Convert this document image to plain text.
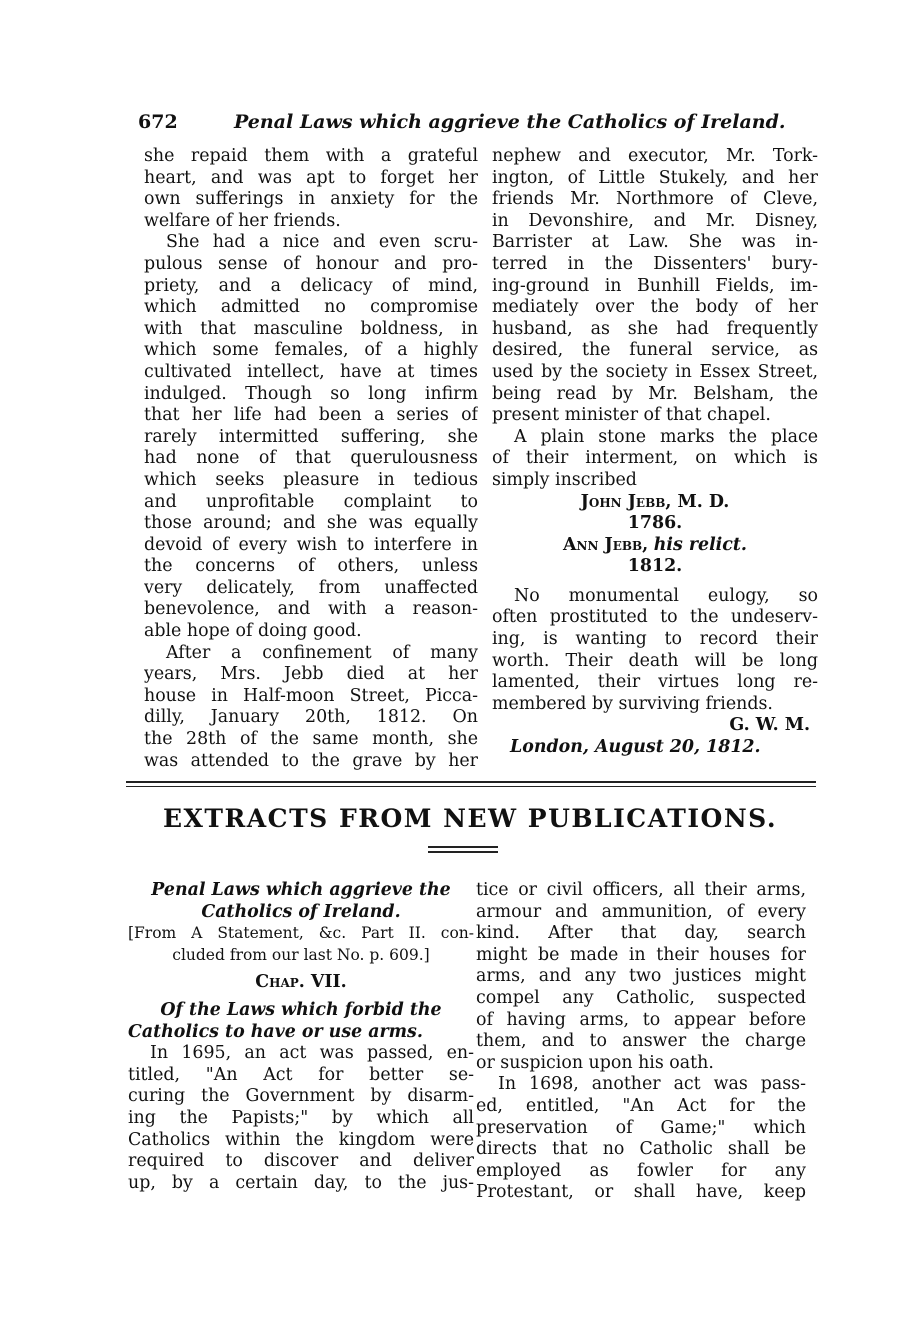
672	Penal Laws which aggrieve the Catholics of Ireland.
she repaid them with a grateful
heart, and was apt to forget her
own sufferings in anxiety for the
welfare of her friends.
She had a nice and even scru-
pulous sense of honour and pro-
priety, and a delicacy of mind,
which admitted no compromise
with that masculine boldness, in
which some females, of a highly
cultivated intellect, have at times
indulged. Though so long infirm
that her life had been a series of
rarely intermitted suffering, she
had none of that querulousness
which seeks pleasure in tedious
and unprofitable complaint to
those around; and she was equally
devoid of every wish to interfere in
the concerns of others, unless
very delicately, from unaffected
benevolence, and with a reason-
able hope of doing good.
After a confinement of many
years, Mrs. Jebb died at her
house in Half-moon Street, Picca-
dilly, January 20th, 1812. On
the 28th of the same month, she
was attended to the grave by her
nephew and executor, Mr. Tork-
ington, of Little Stukely, and her
friends Mr. Northmore of Cleve,
in Devonshire, and Mr. Disney,
Barrister at Law. She was in-
terred in the Dissenters' bury-
ing-ground in Bunhill Fields, im-
mediately over the body of her
husband, as she had frequently
desired, the funeral service, as
used by the society in Essex Street,
being read by Mr. Belsham, the
present minister of that chapel.
A plain stone marks the place
of their interment, on which is
simply inscribed
John Jebb, M. D.
1786.
Ann Jebb, his relict.
1812.
No monumental eulogy, so
often prostituted to the undeserv-
ing, is wanting to record their
worth. Their death will be long
lamented, their virtues long re-
membered by surviving friends.
G. W. M.
London, August 20, 1812.
EXTRACTS FROM NEW PUBLICATIONS.
Penal Laws which aggrieve the
Catholics of Ireland.
[From A Statement, &c. Part II. con-
cluded from our last No. p. 609.]
Chap. VII.
Of the Laws which forbid the
Catholics to have or use arms.
In 1695, an act was passed, en-
titled, "An Act for better se-
curing the Government by disarm-
ing the Papists;" by which all
Catholics within the kingdom were
required to discover and deliver
up, by a certain day, to the jus-
tice or civil officers, all their arms,
armour and ammunition, of every
kind. After that day, search
might be made in their houses for
arms, and any two justices might
compel any Catholic, suspected
of having arms, to appear before
them, and to answer the charge
or suspicion upon his oath.
In 1698, another act was pass-
ed, entitled, "An Act for the
preservation of Game;" which
directs that no Catholic shall be
employed as fowler for any
Protestant, or shall have, keep
